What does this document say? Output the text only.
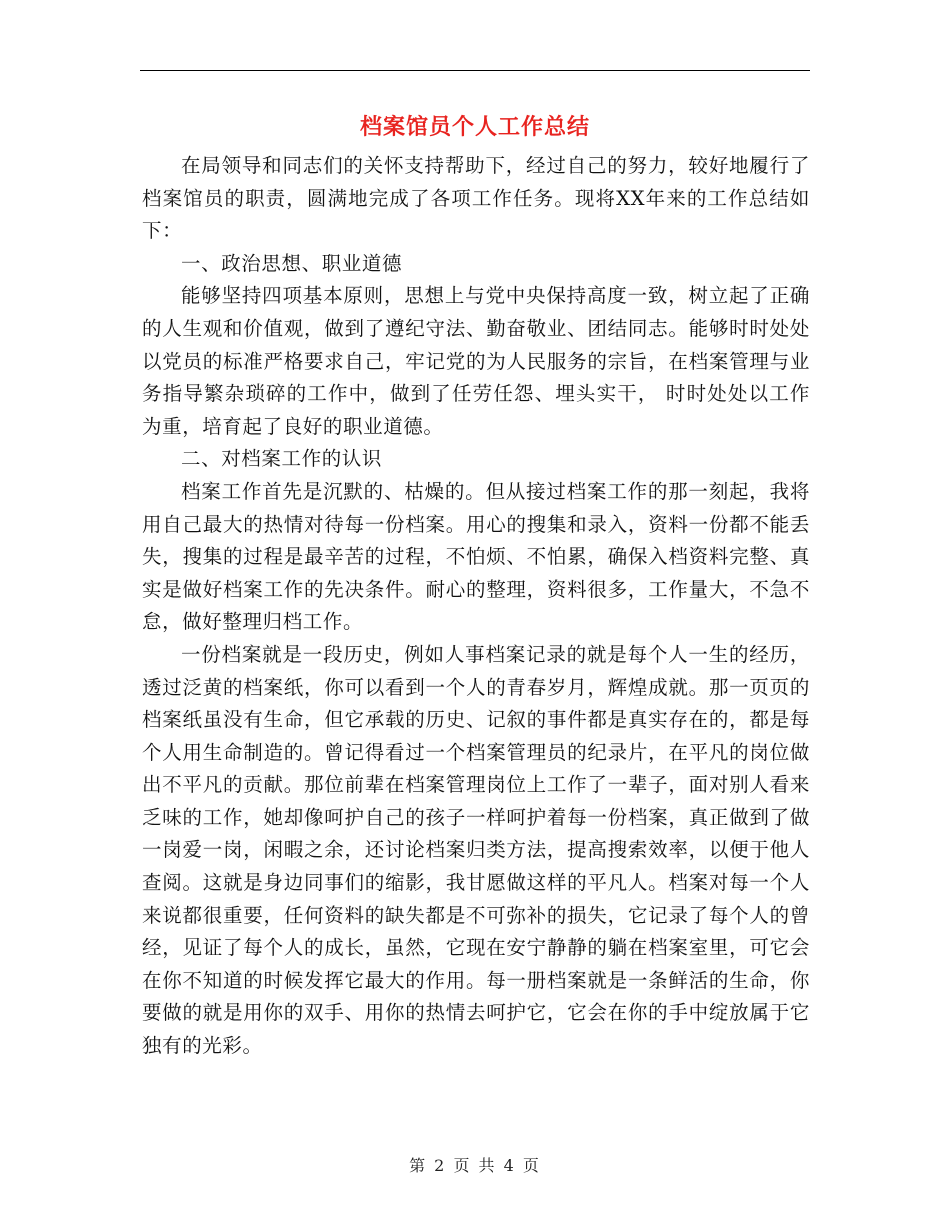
档案馆员个人工作总结

在局领导和同志们的关怀支持帮助下，经过自己的努力，较好地履行了档案馆员的职责，圆满地完成了各项工作任务。现将XX年来的工作总结如下：

一、政治思想、职业道德

能够坚持四项基本原则，思想上与党中央保持高度一致，树立起了正确的人生观和价值观，做到了遵纪守法、勤奋敬业、团结同志。能够时时处处以党员的标准严格要求自己，牢记党的为人民服务的宗旨，在档案管理与业务指导繁杂琐碎的工作中，做到了任劳任怨、埋头实干， 时时处处以工作为重，培育起了良好的职业道德。

二、对档案工作的认识

档案工作首先是沉默的、枯燥的。但从接过档案工作的那一刻起，我将用自己最大的热情对待每一份档案。用心的搜集和录入，资料一份都不能丢失，搜集的过程是最辛苦的过程，不怕烦、不怕累，确保入档资料完整、真实是做好档案工作的先决条件。耐心的整理，资料很多，工作量大，不急不怠，做好整理归档工作。

一份档案就是一段历史，例如人事档案记录的就是每个人一生的经历，透过泛黄的档案纸，你可以看到一个人的青春岁月，辉煌成就。那一页页的档案纸虽没有生命，但它承载的历史、记叙的事件都是真实存在的，都是每个人用生命制造的。曾记得看过一个档案管理员的纪录片，在平凡的岗位做出不平凡的贡献。那位前辈在档案管理岗位上工作了一辈子，面对别人看来乏味的工作，她却像呵护自己的孩子一样呵护着每一份档案，真正做到了做一岗爱一岗，闲暇之余，还讨论档案归类方法，提高搜索效率，以便于他人查阅。这就是身边同事们的缩影，我甘愿做这样的平凡人。档案对每一个人来说都很重要，任何资料的缺失都是不可弥补的损失，它记录了每个人的曾经，见证了每个人的成长，虽然，它现在安宁静静的躺在档案室里，可它会在你不知道的时候发挥它最大的作用。每一册档案就是一条鲜活的生命，你要做的就是用你的双手、用你的热情去呵护它，它会在你的手中绽放属于它独有的光彩。

第 2 页 共 4 页
